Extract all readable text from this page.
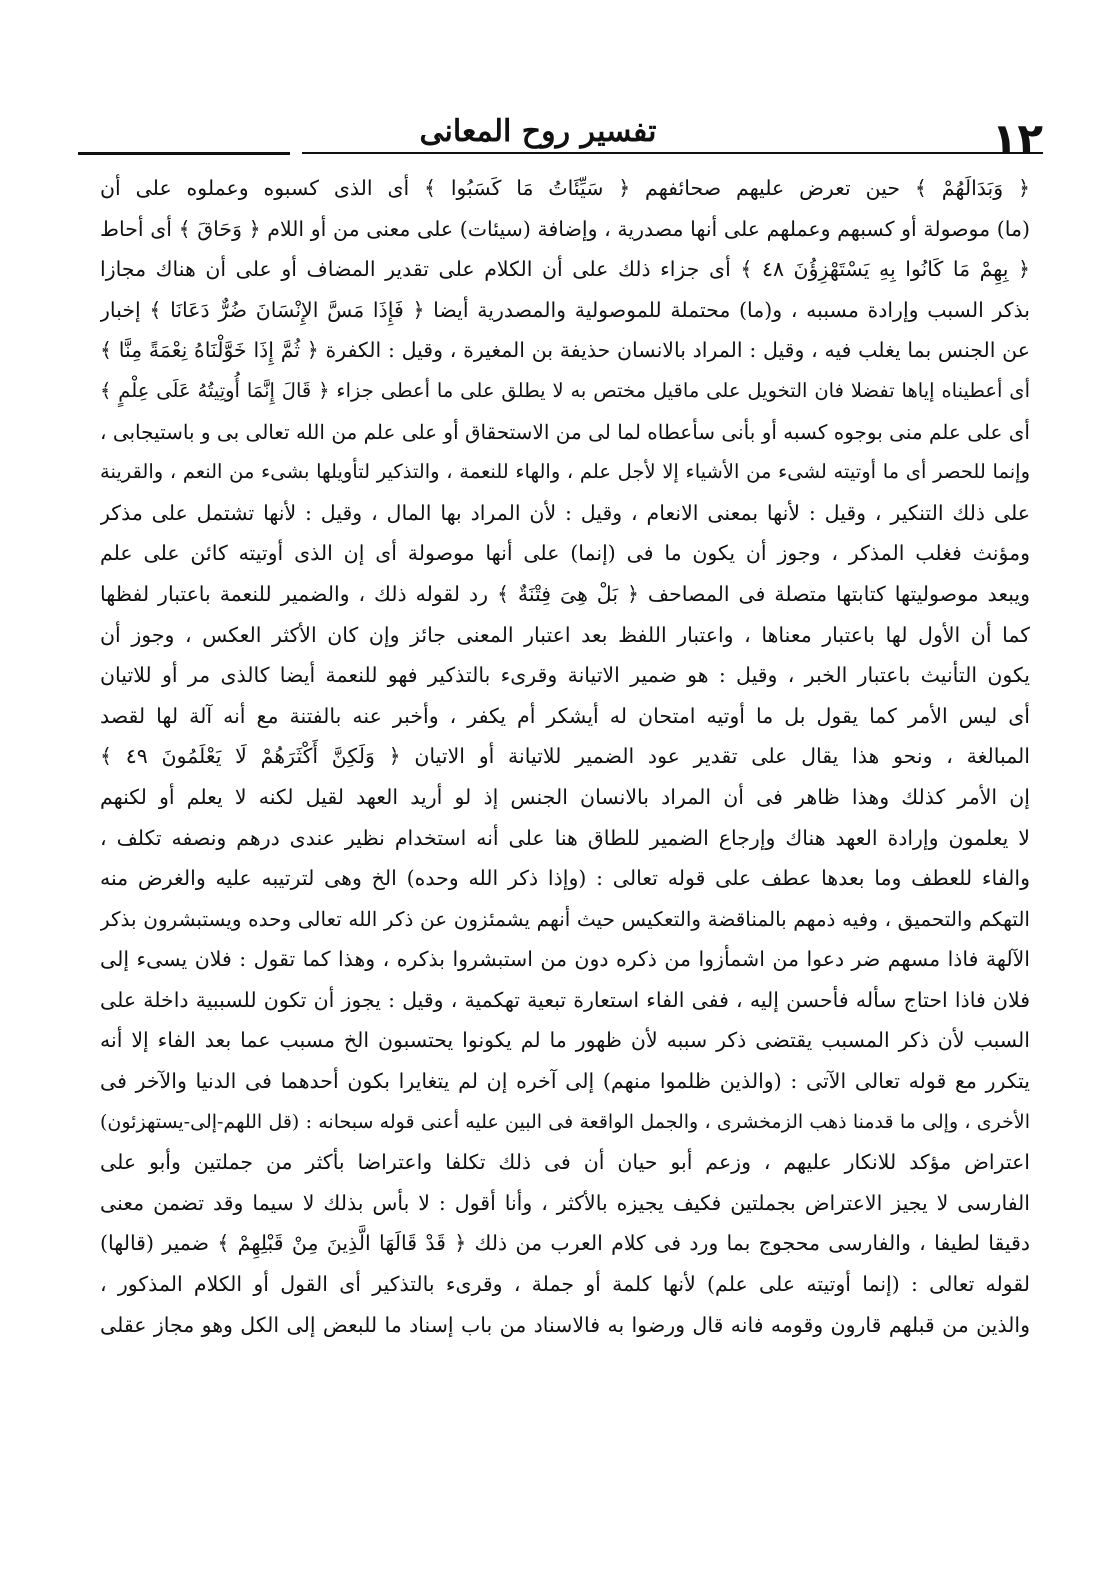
١٢
تفسير روح المعانى
﴿ وَبَدَالَهُمْ ﴾ حين تعرض عليهم صحائفهم ﴿ سَيِّئَاتُ مَا كَسَبُوا ﴾ أى الذى كسبوه وعملوه على أن
(ما) موصولة أو كسبهم وعملهم على أنها مصدرية ، وإضافة (سيئات) على معنى من أو اللام ﴿ وَحَاقَ ﴾ أى أحاط
﴿ بِهِمْ مَا كَانُوا بِهِ يَسْتَهْزِؤُنَ ٤٨ ﴾ أى جزاء ذلك على أن الكلام على تقدير المضاف أو على أن هناك مجازا
بذكر السبب وإرادة مسببه ، و(ما) محتملة للموصولية والمصدرية أيضا ﴿ فَإِذَا مَسَّ الإِنْسَانَ ضُرٌّ دَعَانَا ﴾ إخبار
عن الجنس بما يغلب فيه ، وقيل : المراد بالانسان حذيفة بن المغيرة ، وقيل : الكفرة ﴿ ثُمَّ إِذَا خَوَّلْنَاهُ نِعْمَةً مِنَّا ﴾
أى أعطيناه إياها تفضلا فان التخويل على ماقيل مختص به لا يطلق على ما أعطى جزاء ﴿ قَالَ إِنَّمَا أُوتِيتُهُ عَلَى عِلْمٍ ﴾
أى على علم منى بوجوه كسبه أو بأنى سأعطاه لما لى من الاستحقاق أو على علم من الله تعالى بى و باستيجابى ،
وإنما للحصر أى ما أوتيته لشىء من الأشياء إلا لأجل علم ، والهاء للنعمة ، والتذكير لتأويلها بشىء من النعم ، والقرينة
على ذلك التنكير ، وقيل : لأنها بمعنى الانعام ، وقيل : لأن المراد بها المال ، وقيل : لأنها تشتمل على مذكر
ومؤنث فغلب المذكر ، وجوز أن يكون ما فى (إنما) على أنها موصولة أى إن الذى أوتيته كائن على علم
ويبعد موصوليتها كتابتها متصلة فى المصاحف ﴿ بَلْ هِىَ فِتْنَةٌ ﴾ رد لقوله ذلك ، والضمير للنعمة باعتبار لفظها
كما أن الأول لها باعتبار معناها ، واعتبار اللفظ بعد اعتبار المعنى جائز وإن كان الأكثر العكس ، وجوز أن
يكون التأنيث باعتبار الخبر ، وقيل : هو ضمير الاتيانة وقرىء بالتذكير فهو للنعمة أيضا كالذى مر أو للاتيان
أى ليس الأمر كما يقول بل ما أوتيه امتحان له أيشكر أم يكفر ، وأخبر عنه بالفتنة مع أنه آلة لها لقصد
المبالغة ، ونحو هذا يقال على تقدير عود الضمير للاتيانة أو الاتيان ﴿ وَلَكِنَّ أَكْثَرَهُمْ لَا يَعْلَمُونَ ٤٩ ﴾
إن الأمر كذلك وهذا ظاهر فى أن المراد بالانسان الجنس إذ لو أريد العهد لقيل لكنه لا يعلم أو لكنهم
لا يعلمون وإرادة العهد هناك وإرجاع الضمير للطاق هنا على أنه استخدام نظير عندى درهم ونصفه تكلف ،
والفاء للعطف وما بعدها عطف على قوله تعالى : (وإذا ذكر الله وحده) الخ وهى لترتيبه عليه والغرض منه
التهكم والتحميق ، وفيه ذمهم بالمناقضة والتعكيس حيث أنهم يشمئزون عن ذكر الله تعالى وحده ويستبشرون بذكر
الآلهة فاذا مسهم ضر دعوا من اشمأزوا من ذكره دون من استبشروا بذكره ، وهذا كما تقول : فلان يسىء إلى
فلان فاذا احتاج سأله فأحسن إليه ، ففى الفاء استعارة تبعية تهكمية ، وقيل : يجوز أن تكون للسببية داخلة على
السبب لأن ذكر المسبب يقتضى ذكر سببه لأن ظهور ما لم يكونوا يحتسبون الخ مسبب عما بعد الفاء إلا أنه
يتكرر مع قوله تعالى الآتى : (والذين ظلموا منهم) إلى آخره إن لم يتغايرا بكون أحدهما فى الدنيا والآخر فى
الأخرى ، وإلى ما قدمنا ذهب الزمخشرى ، والجمل الواقعة فى البين عليه أعنى قوله سبحانه : (قل اللهم-إلى-يستهزئون)
اعتراض مؤكد للانكار عليهم ، وزعم أبو حيان أن فى ذلك تكلفا واعتراضا بأكثر من جملتين وأبو على
الفارسى لا يجيز الاعتراض بجملتين فكيف يجيزه بالأكثر ، وأنا أقول : لا بأس بذلك لا سيما وقد تضمن معنى
دقيقا لطيفا ، والفارسى محجوج بما ورد فى كلام العرب من ذلك ﴿ قَدْ قَالَهَا الَّذِينَ مِنْ قَبْلِهِمْ ﴾ ضمير (قالها)
لقوله تعالى : (إنما أوتيته على علم) لأنها كلمة أو جملة ، وقرىء بالتذكير أى القول أو الكلام المذكور ،
والذين من قبلهم قارون وقومه فانه قال ورضوا به فالاسناد من باب إسناد ما للبعض إلى الكل وهو مجاز عقلى
